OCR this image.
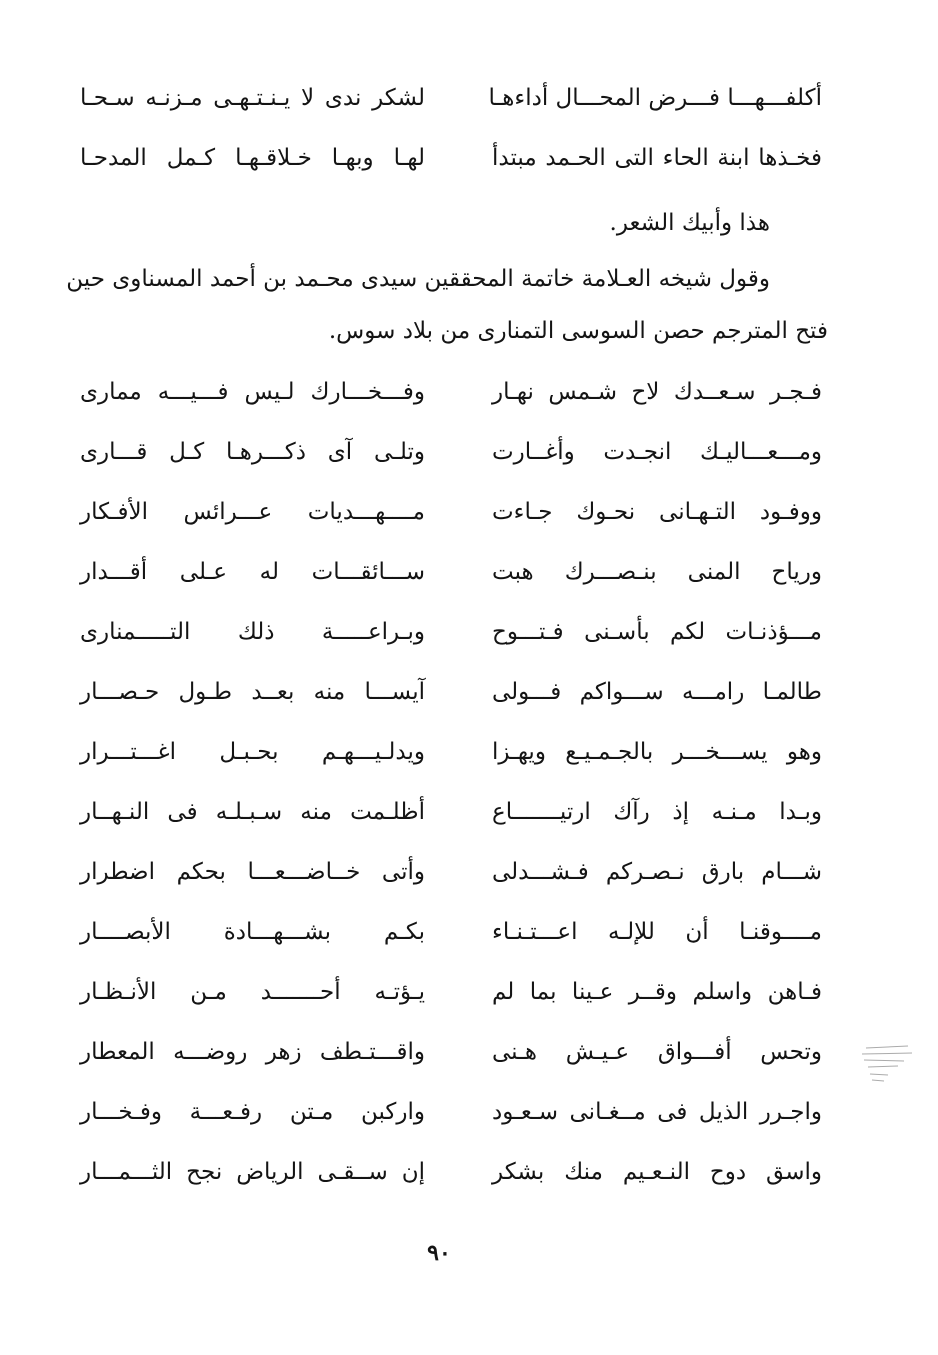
أكلفـــهـــا فـــرض المحـــال أداءهـا
لشكر ندى لا يـنـتـهـى مـزنـه سـحـا
فخـذها ابنة الحاء التى الحـمد مبتدأ
لهـا وبهـا خـلاقـهـا كـمل المدحـا
هذا وأبيك الشعر.
وقول شيخه العـلامة خاتمة المحققين سيدى محـمد بن أحمد المسناوى حين
فتح المترجم حصن السوسى التمنارى من بلاد سوس.
فـجـر سـعــدك لاح شـمس نهـار
وفـــخـــارك لـيس فـــيـــه ممارى
ومـــعـــاليـك انجـدت وأغــارت
وتلـى آى ذكـــرهـا كـل قـــارى
ووفـود التـهـانى نحـوك جـاءت
مــــهـــديات عـــرائس الأفـكار
ورياح المنى بنـصـــرك هبت
ســـائقـــات له عـلى أقـــدار
مـــؤذنـات لكم بأسـنى فـتـــوح
وبـراعـــــة ذلك التـــــمنارى
طالمـا رامـــه ســـواكم فـــولى
آيســـا منه بعــد طـول حـصـــار
وهو يســـخـــر بالجـمـيـع ويهـزا
ويدلـيـــهـم بحـبـل اغـــتـــرار
وبـدا مـنـه إذ رآك ارتيـــــــاع
أظلـمت منه سـبـلـه فى النـهــار
شـــام بارق نـصـركم فـشـــدلى
وأتى خــاضـــعـــا بحكم اضطرار
مــــوقنـا أن للإلـه اعـــتـنـاء
بكـم بشـــهـــادة الأبصــــار
فـاهن واسلم وقــر عـينا بما لم
يـؤتـه أحـــــــد مـن الأنـظـار
وتحس أفـــواق عـيـش هـنى
واقـــتـطف زهر روضـــه المعطار
واجـرر الذيل فى مــغـانى سـعـود
واركبن مـتن رفـعـــة وفـخـــار
واسق دوح النـعـيم منك بشكر
إن ســقـى الرياض نجح الثـــمـــار
٩٠
